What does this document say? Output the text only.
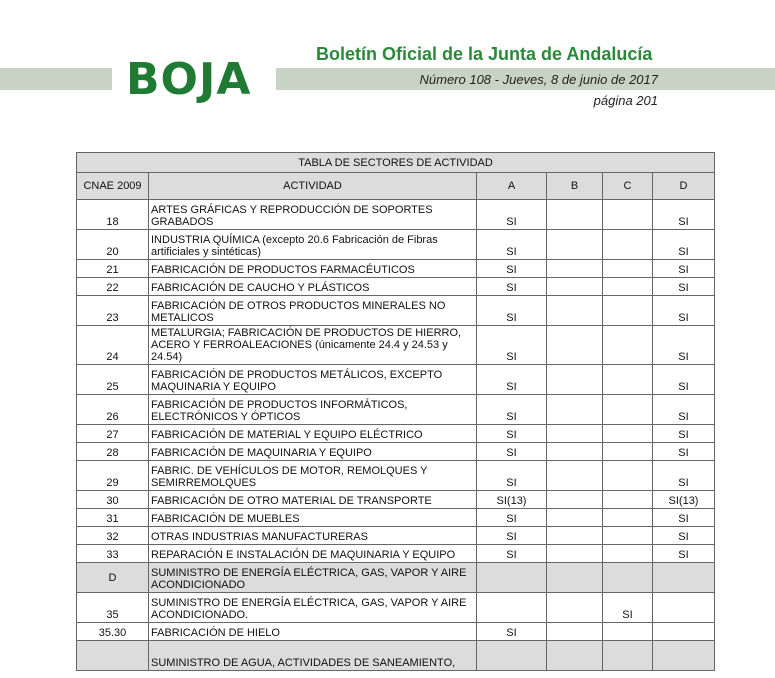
BOJA	Boletín Oficial de la Junta de Andalucía
Número 108 - Jueves, 8 de junio de 2017
página 201
TABLA DE SECTORES DE ACTIVIDAD					
CNAE 2009	ACTIVIDAD	A	B	C	D
18	ARTES GRÁFICAS Y REPRODUCCIÓN DE SOPORTES GRABADOS	SI			SI
20	INDUSTRIA QUÍMICA (excepto 20.6 Fabricación de Fibras artificiales y sintéticas)	SI			SI
21	FABRICACIÓN DE PRODUCTOS FARMACÉUTICOS	SI			SI
22	FABRICACIÓN DE CAUCHO Y PLÁSTICOS	SI			SI
23	FABRICACIÓN DE OTROS PRODUCTOS MINERALES NO METALICOS	SI			SI
24	METALURGIA; FABRICACIÓN DE PRODUCTOS DE HIERRO, ACERO Y FERROALEACIONES (únicamente 24.4 y 24.53 y 24.54)	SI			SI
25	FABRICACIÓN DE PRODUCTOS METÁLICOS, EXCEPTO MAQUINARIA Y EQUIPO	SI			SI
26	FABRICACIÓN DE PRODUCTOS INFORMÁTICOS, ELECTRÓNICOS Y ÓPTICOS	SI			SI
27	FABRICACIÓN DE MATERIAL Y EQUIPO ELÉCTRICO	SI			SI
28	FABRICACIÓN DE MAQUINARIA Y EQUIPO	SI			SI
29	FABRIC. DE VEHÍCULOS DE MOTOR, REMOLQUES Y SEMIRREMOLQUES	SI			SI
30	FABRICACIÓN DE OTRO MATERIAL DE TRANSPORTE	SI(13)			SI(13)
31	FABRICACIÓN DE MUEBLES	SI			SI
32	OTRAS INDUSTRIAS MANUFACTURERAS	SI			SI
33	REPARACIÓN E INSTALACIÓN DE MAQUINARIA Y EQUIPO	SI			SI
D	SUMINISTRO DE ENERGÍA ELÉCTRICA, GAS, VAPOR Y AIRE ACONDICIONADO				
35	SUMINISTRO DE ENERGÍA ELÉCTRICA, GAS, VAPOR Y AIRE ACONDICIONADO.			SI	
35.30	FABRICACIÓN DE HIELO	SI			
	SUMINISTRO DE AGUA, ACTIVIDADES DE SANEAMIENTO,				
